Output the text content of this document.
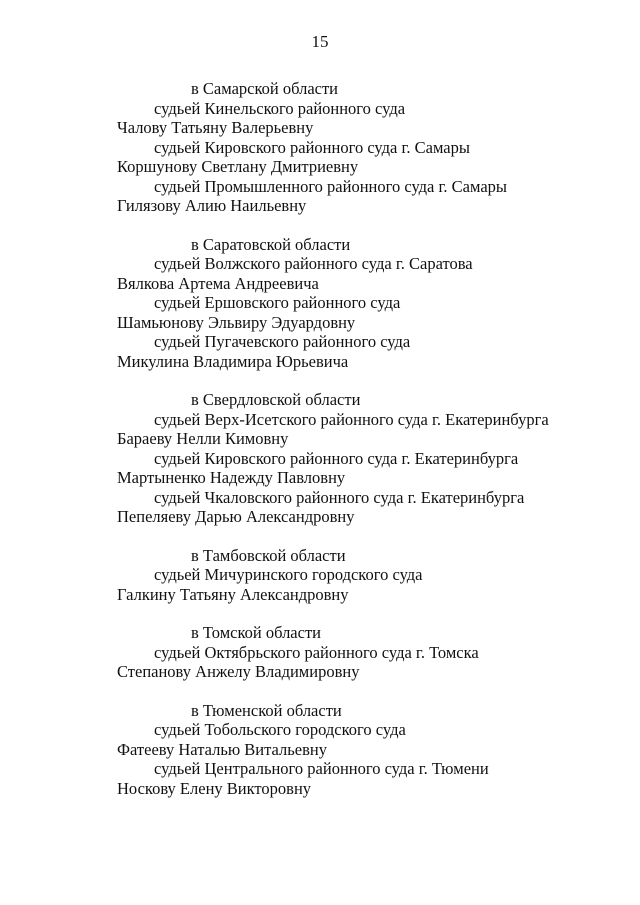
15
в Самарской области
судьей Кинельского районного суда
Чалову Татьяну Валерьевну
судьей Кировского районного суда г. Самары
Коршунову Светлану Дмитриевну
судьей Промышленного районного суда г. Самары
Гилязову Алию Наильевну
в Саратовской области
судьей Волжского районного суда г. Саратова
Вялкова Артема Андреевича
судьей Ершовского районного суда
Шамьюнову Эльвиру Эдуардовну
судьей Пугачевского районного суда
Микулина Владимира Юрьевича
в Свердловской области
судьей Верх-Исетского районного суда г. Екатеринбурга
Бараеву Нелли Кимовну
судьей Кировского районного суда г. Екатеринбурга
Мартыненко Надежду Павловну
судьей Чкаловского районного суда г. Екатеринбурга
Пепеляеву Дарью Александровну
в Тамбовской области
судьей Мичуринского городского суда
Галкину Татьяну Александровну
в Томской области
судьей Октябрьского районного суда г. Томска
Степанову Анжелу Владимировну
в Тюменской области
судьей Тобольского городского суда
Фатееву Наталью Витальевну
судьей Центрального районного суда г. Тюмени
Носкову Елену Викторовну
